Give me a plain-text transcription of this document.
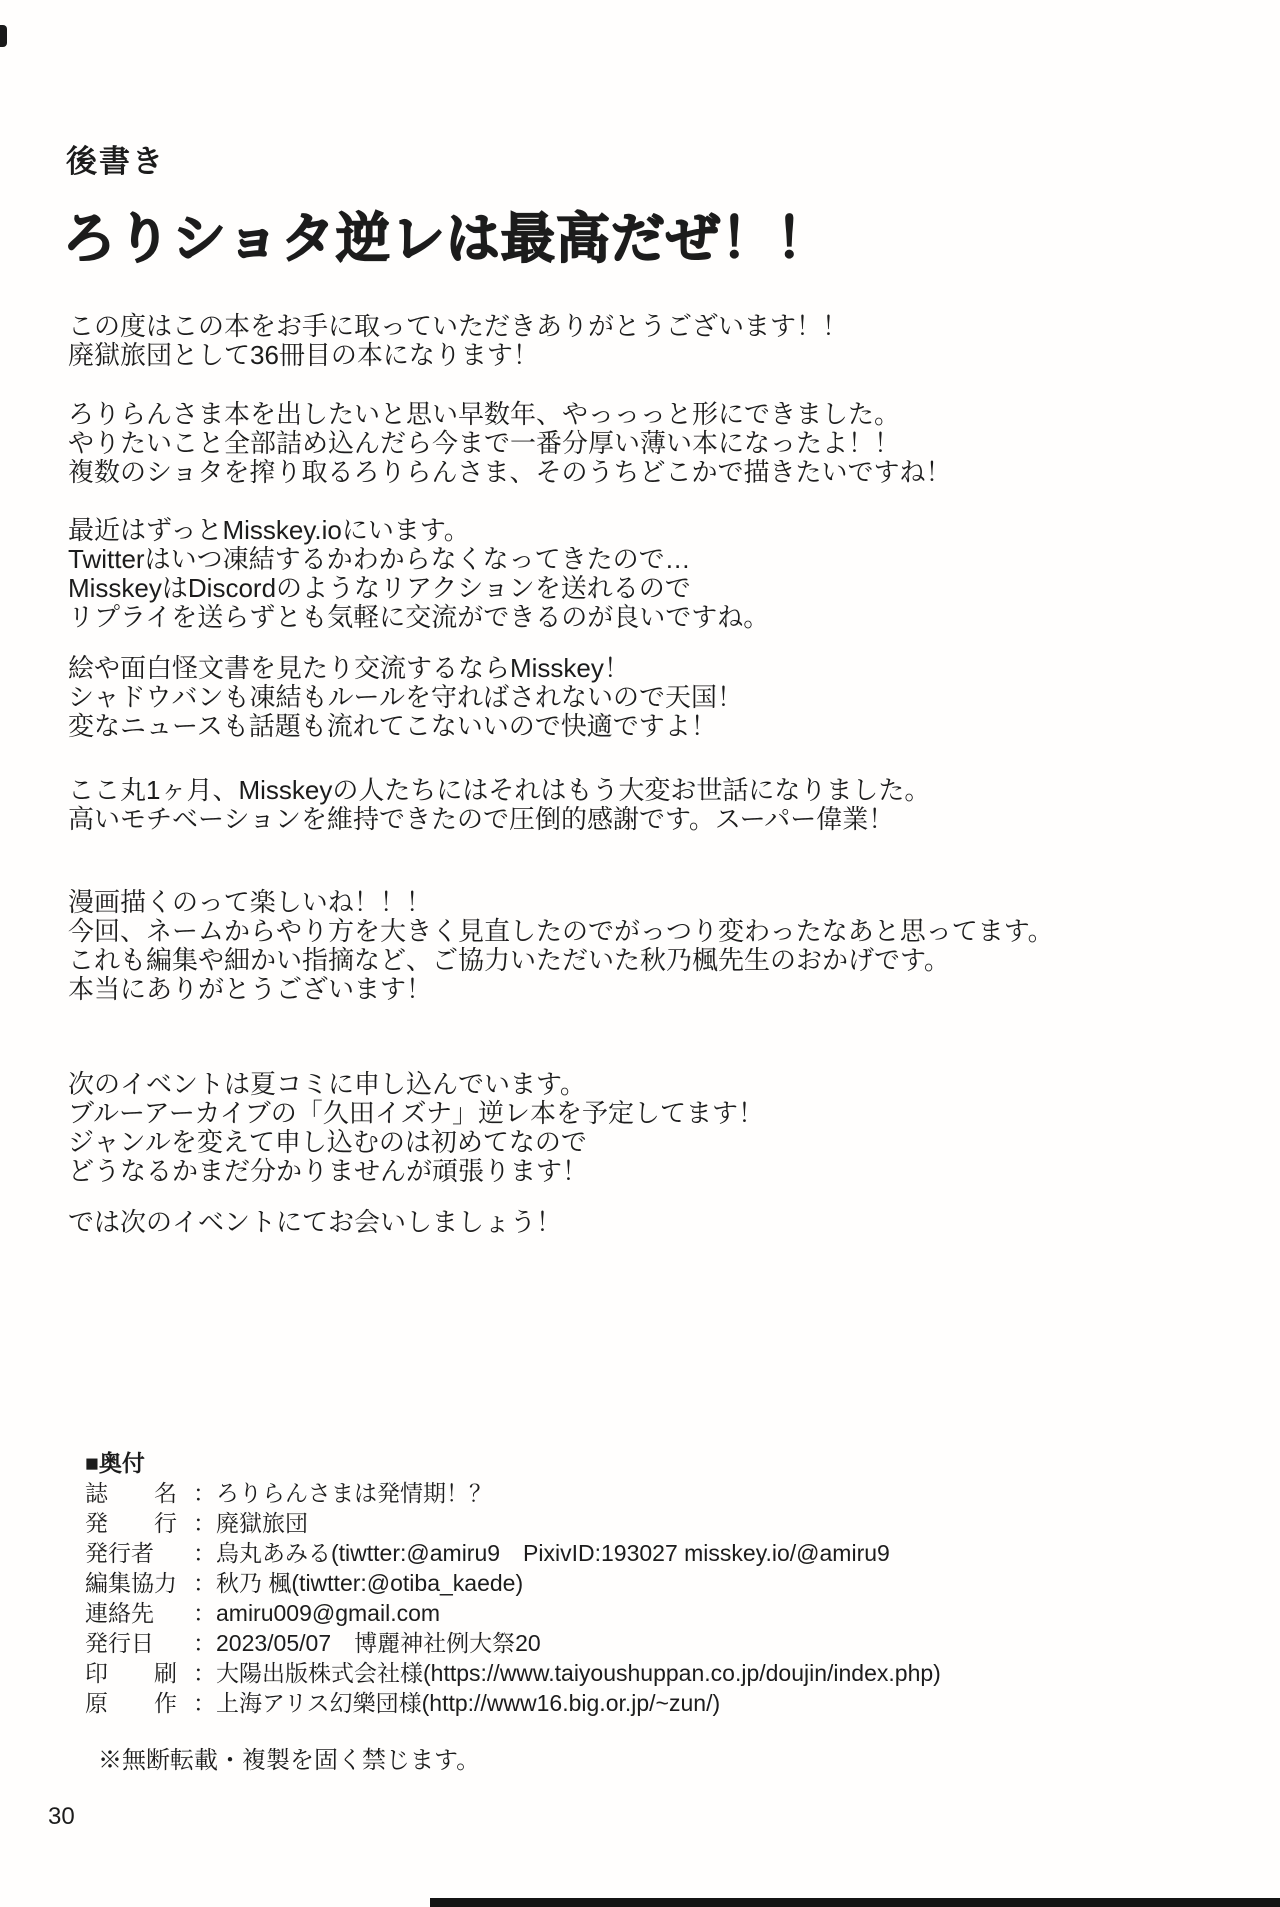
後書き
ろりショタ逆レは最高だぜ！！

この度はこの本をお手に取っていただきありがとうございます！！
廃獄旅団として36冊目の本になります！

ろりらんさま本を出したいと思い早数年、やっっっと形にできました。
やりたいこと全部詰め込んだら今まで一番分厚い薄い本になったよ！！
複数のショタを搾り取るろりらんさま、そのうちどこかで描きたいですね！

最近はずっとMisskey.ioにいます。
Twitterはいつ凍結するかわからなくなってきたので…
MisskeyはDiscordのようなリアクションを送れるので
リプライを送らずとも気軽に交流ができるのが良いですね。

絵や面白怪文書を見たり交流するならMisskey！
シャドウバンも凍結もルールを守ればされないので天国！
変なニュースも話題も流れてこないいので快適ですよ！

ここ丸1ヶ月、Misskeyの人たちにはそれはもう大変お世話になりました。
高いモチベーションを維持できたので圧倒的感謝です。スーパー偉業！

漫画描くのって楽しいね！！！
今回、ネームからやり方を大きく見直したのでがっつり変わったなあと思ってます。
これも編集や細かい指摘など、ご協力いただいた秋乃楓先生のおかげです。
本当にありがとうございます！

次のイベントは夏コミに申し込んでいます。
ブルーアーカイブの「久田イズナ」逆レ本を予定してます！
ジャンルを変えて申し込むのは初めてなので
どうなるかまだ分かりませんが頑張ります！

では次のイベントにてお会いしましょう！

■奥付
誌　　名 ：ろりらんさまは発情期！？
発　　行 ：廃獄旅団
発行者　：烏丸あみる(tiwtter:@amiru9　PixivID:193027 misskey.io/@amiru9
編集協力 ：秋乃 楓(tiwtter:@otiba_kaede)
連絡先　：amiru009@gmail.com
発行日　：2023/05/07　博麗神社例大祭20
印　　刷 ：大陽出版株式会社様(https://www.taiyoushuppan.co.jp/doujin/index.php)
原　　作 ：上海アリス幻樂団様(http://www16.big.or.jp/~zun/)
※無断転載・複製を固く禁じます。
30
